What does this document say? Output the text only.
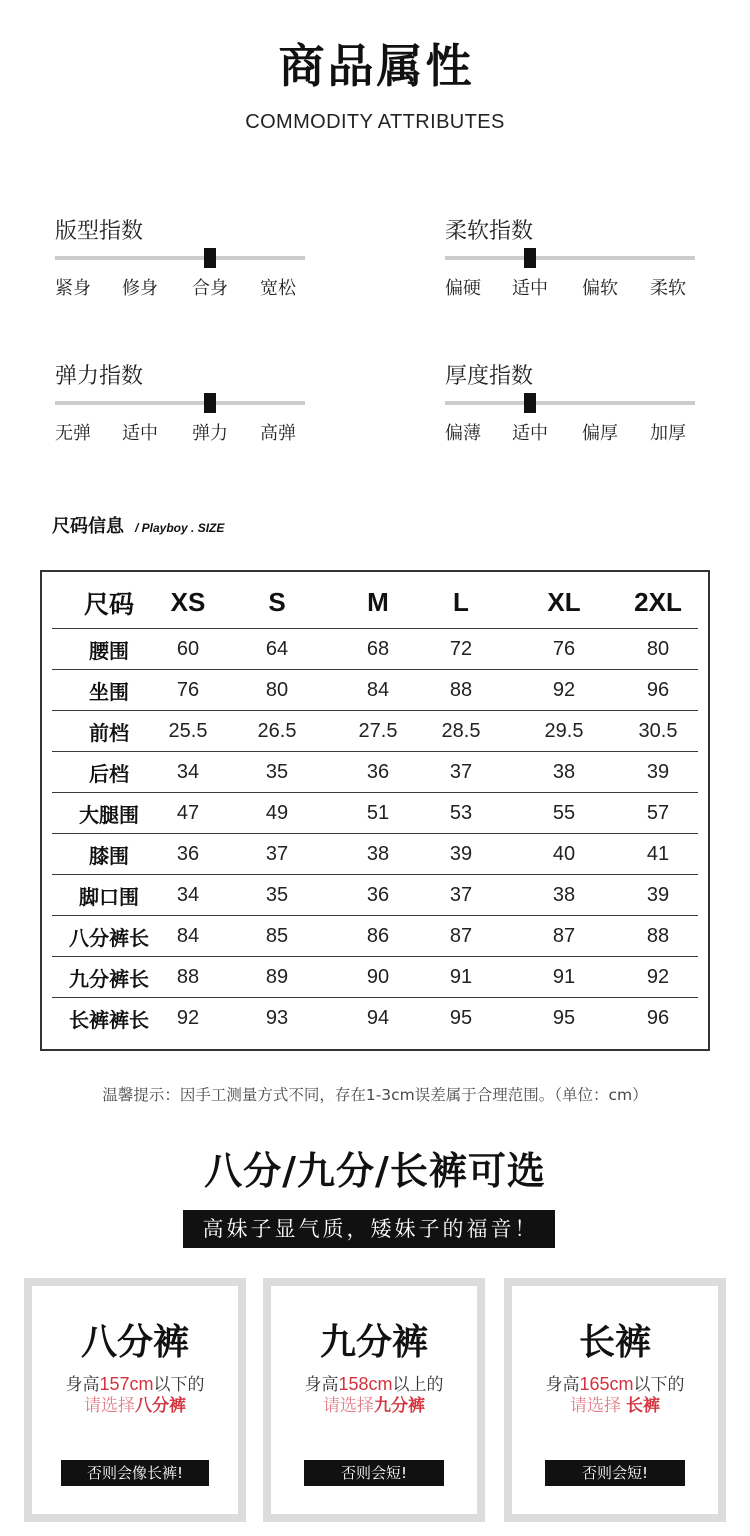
商品属性
COMMODITY ATTRIBUTES
版型指数
紧身 修身 合身 宽松
柔软指数
偏硬 适中 偏软 柔软
弹力指数
无弹 适中 弹力 高弹
厚度指数
偏薄 适中 偏厚 加厚
尺码信息 / Playboy . SIZE
尺码	XS	S	M	L	XL	2XL
腰围	60	64	68	72	76	80
坐围	76	80	84	88	92	96
前档	25.5	26.5	27.5	28.5	29.5	30.5
后档	34	35	36	37	38	39
大腿围	47	49	51	53	55	57
膝围	36	37	38	39	40	41
脚口围	34	35	36	37	38	39
八分裤长	84	85	86	87	87	88
九分裤长	88	89	90	91	91	92
长裤裤长	92	93	94	95	95	96
温馨提示：因手工测量方式不同，存在1-3cm误差属于合理范围。（单位：cm）
八分/九分/长裤可选
高妹子显气质，矮妹子的福音！
八分裤
身高157cm以下的
请选择八分裤
否则会像长裤!
九分裤
身高158cm以上的
请选择九分裤
否则会短!
长裤
身高165cm以下的
请选择 长裤
否则会短!
